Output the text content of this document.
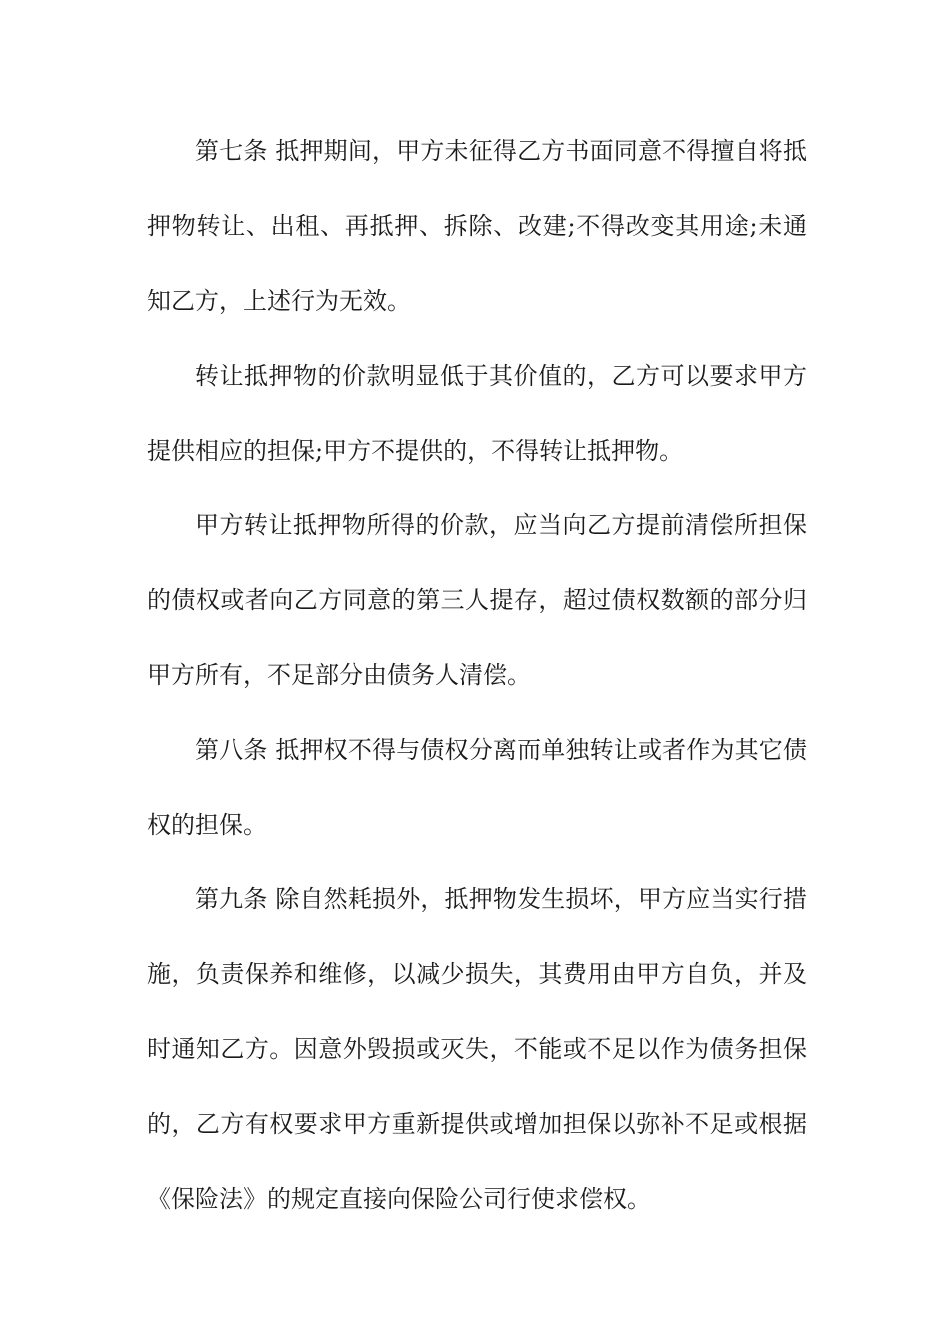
第七条 抵押期间，甲方未征得乙方书面同意不得擅自将抵
押物转让、出租、再抵押、拆除、改建;不得改变其用途;未通
知乙方，上述行为无效。
转让抵押物的价款明显低于其价值的，乙方可以要求甲方
提供相应的担保;甲方不提供的，不得转让抵押物。
甲方转让抵押物所得的价款，应当向乙方提前清偿所担保
的债权或者向乙方同意的第三人提存，超过债权数额的部分归
甲方所有，不足部分由债务人清偿。
第八条 抵押权不得与债权分离而单独转让或者作为其它债
权的担保。
第九条 除自然耗损外，抵押物发生损坏，甲方应当实行措
施，负责保养和维修，以减少损失，其费用由甲方自负，并及
时通知乙方。因意外毁损或灭失，不能或不足以作为债务担保
的，乙方有权要求甲方重新提供或增加担保以弥补不足或根据
《保险法》的规定直接向保险公司行使求偿权。
